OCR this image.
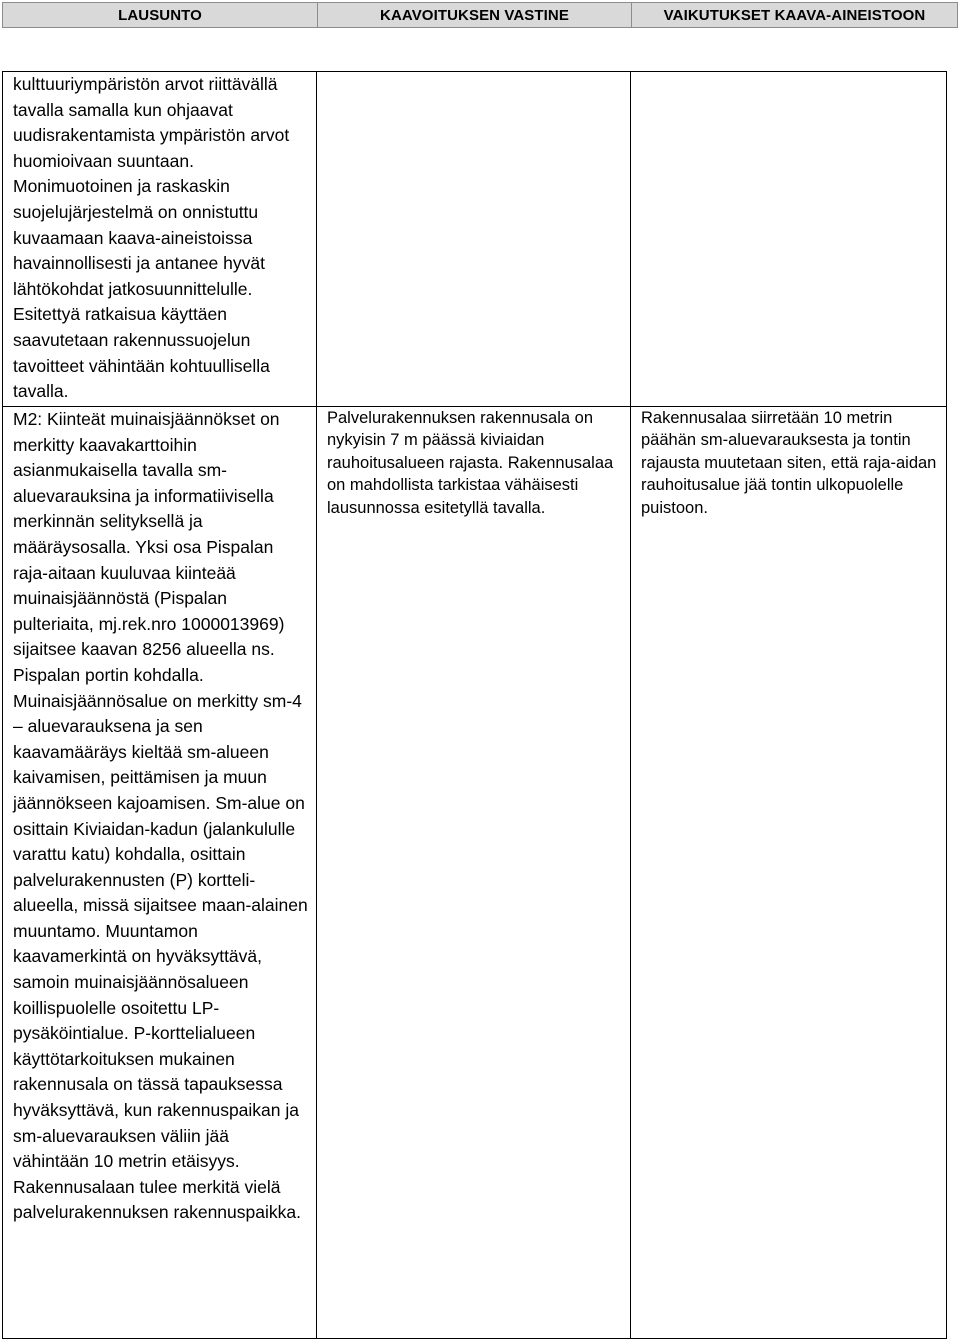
LAUSUNTO	KAAVOITUKSEN VASTINE	VAIKUTUKSET KAAVA-AINEISTOON
kulttuuriympäristön arvot riittävällä tavalla samalla kun ohjaavat uudisrakentamista ympäristön arvot huomioivaan suuntaan. Monimuotoinen ja raskaskin suojelujärjestelmä on onnistuttu kuvaamaan kaava-aineistoissa havainnollisesti ja antanee hyvät lähtökohdat jatkosuunnittelulle. Esitettyä ratkaisua käyttäen saavutetaan rakennussuojelun tavoitteet vähintään kohtuullisella tavalla.		

M2: Kiinteät muinaisjäännökset on merkitty kaavakarttoihin asianmukaisella tavalla sm-aluevarauksina ja informatiivisella merkinnän selityksellä ja määräysosalla. Yksi osa Pispalan raja-aitaan kuuluvaa kiinteää muinaisjäännöstä (Pispalan pulteriaita, mj.rek.nro 1000013969) sijaitsee kaavan 8256 alueella ns. Pispalan portin kohdalla. Muinaisjäännösalue on merkitty sm-4 – aluevarauksena ja sen kaavamääräys kieltää sm-alueen kaivamisen, peittämisen ja muun jäännökseen kajoamisen. Sm-alue on osittain Kiviaidan-kadun (jalankululle varattu katu) kohdalla, osittain palvelurakennusten (P) kortteli-alueella, missä sijaitsee maan-alainen muuntamo. Muuntamon kaavamerkintä on hyväksyttävä, samoin muinaisjäännösalueen koillispuolelle osoitettu LP-pysäköintialue. P-korttelialueen käyttötarkoituksen mukainen rakennusala on tässä tapauksessa hyväksyttävä, kun rakennuspaikan ja sm-aluevarauksen väliin jää vähintään 10 metrin etäisyys. Rakennusalaan tulee merkitä vielä palvelurakennuksen rakennuspaikka.	Palvelurakennuksen rakennusala on nykyisin 7 m päässä kiviaidan rauhoitusalueen rajasta. Rakennusalaa on mahdollista tarkistaa vähäisesti lausunnossa esitetyllä tavalla.	Rakennusalaa siirretään 10 metrin päähän sm-aluevarauksesta ja tontin rajausta muutetaan siten, että raja-aidan rauhoitusalue jää tontin ulkopuolelle puistoon.
